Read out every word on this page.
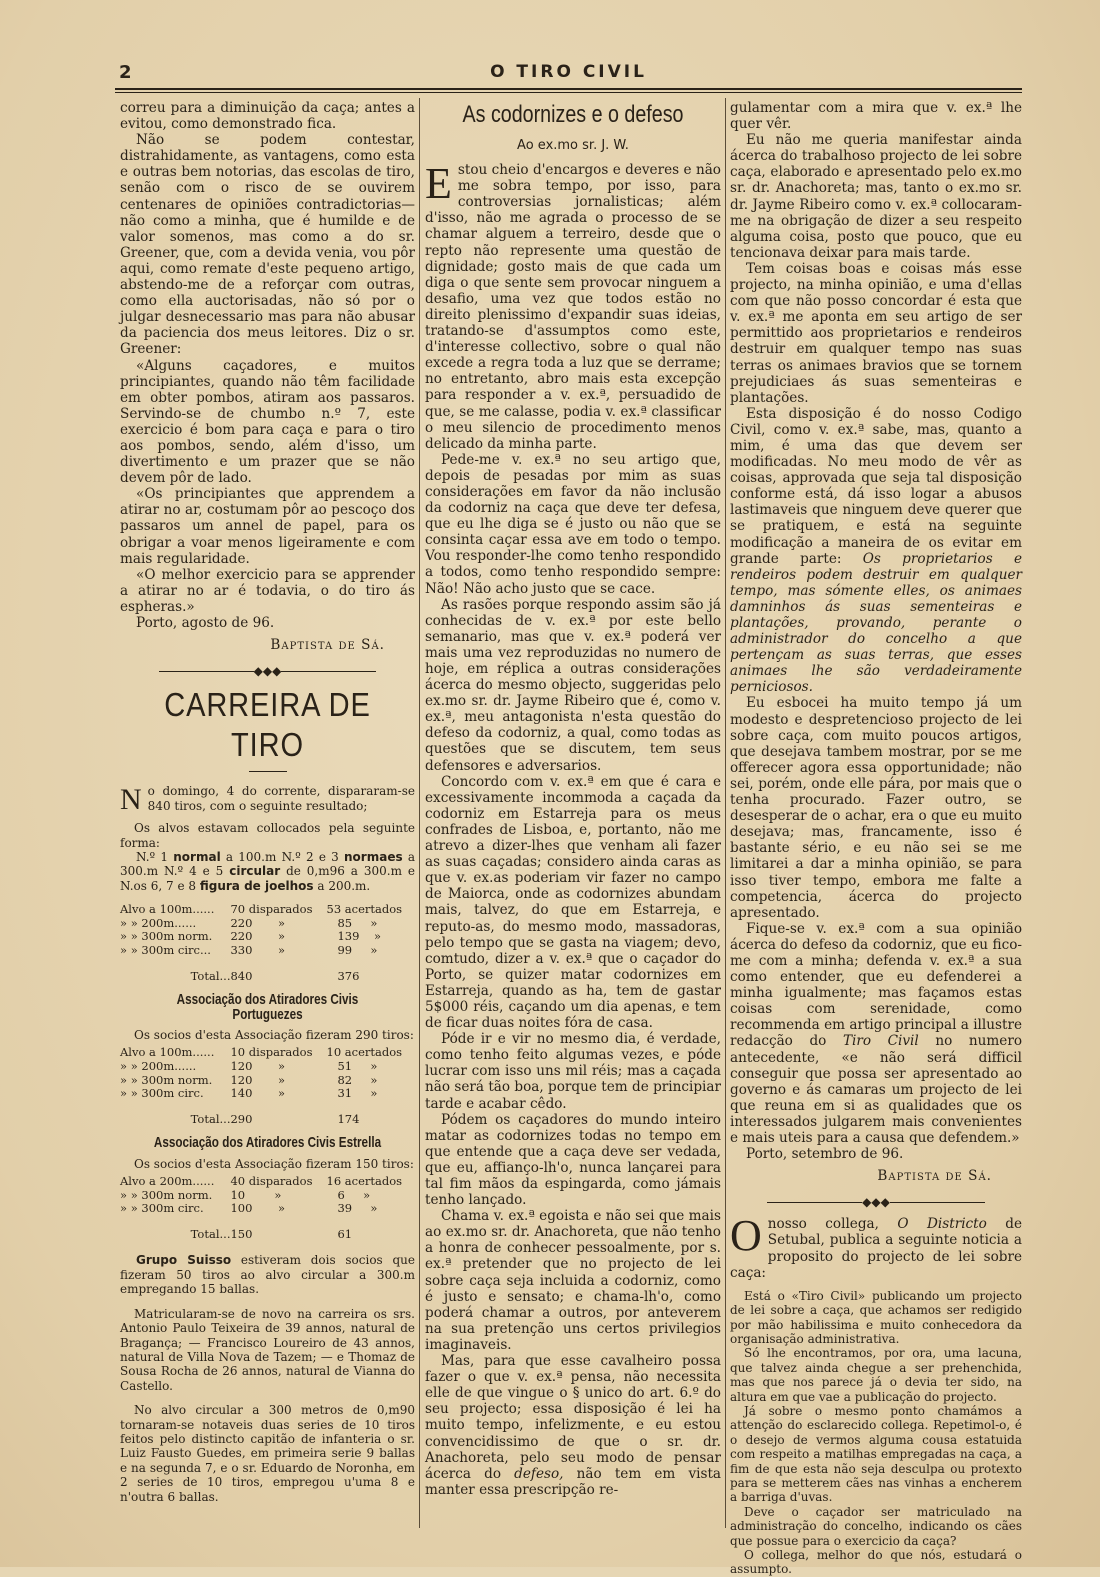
2	O TIRO CIVIL

correu para a diminuição da caça; antes a evitou, como demonstrado fica.

Não se podem contestar, distrahidamente, as vantagens, como esta e outras bem notorias, das escolas de tiro, senão com o risco de se ouvirem centenares de opiniões contradictorias—não como a minha, que é humilde e de valor somenos, mas como a do sr. Greener, que, com a devida venia, vou pôr aqui, como remate d'este pequeno artigo, abstendo-me de a reforçar com outras, como ella auctorisadas, não só por o julgar desnecessario mas para não abusar da paciencia dos meus leitores. Diz o sr. Greener:

«Alguns caçadores, e muitos principiantes, quando não têm facilidade em obter pombos, atiram aos passaros. Servindo-se de chumbo n.º 7, este exercicio é bom para caça e para o tiro aos pombos, sendo, além d'isso, um divertimento e um prazer que se não devem pôr de lado.

«Os principiantes que apprendem a atirar no ar, costumam pôr ao pescoço dos passaros um annel de papel, para os obrigar a voar menos ligeiramente e com mais regularidade.

«O melhor exercicio para se apprender a atirar no ar é todavia, o do tiro ás espheras.»

Porto, agosto de 96.

Baptista de Sá.

◆◆◆
CARREIRA DE TIRO

No domingo, 4 do corrente, dispararam-se 840 tiros, com o seguinte resultado;

Os alvos estavam collocados pela seguinte forma:

N.º 1 normal a 100.m N.º 2 e 3 normaes a 300.m N.º 4 e 5 circular de 0,m96 a 300.m e N.os 6, 7 e 8 figura de joelhos a 200.m.

Alvo a 100m......	70 disparados	53 acertados
» » 200m......	220 »	85 »
» » 300m norm.	220 »	139 »
» » 300m circ...	330 »	99 »
Total...	840	376
Associação dos Atiradores Civis Portuguezes

Os socios d'esta Associação fizeram 290 tiros:

Alvo a 100m......	10 disparados	10 acertados
» » 200m......	120 »	51 »
» » 300m norm.	120 »	82 »
» » 300m circ.	140 »	31 »
Total...	290	174
Associação dos Atiradores Civis Estrella

Os socios d'esta Associação fizeram 150 tiros:

Alvo a 200m......	40 disparados	16 acertados
» » 300m norm.	10 »	6 »
» » 300m circ.	100 »	39 »
Total...	150	61

Grupo Suisso estiveram dois socios que fizeram 50 tiros ao alvo circular a 300.m empregando 15 ballas.

Matricularam-se de novo na carreira os srs. Antonio Paulo Teixeira de 39 annos, natural de Bragança; — Francisco Loureiro de 43 annos, natural de Villa Nova de Tazem; — e Thomaz de Sousa Rocha de 26 annos, natural de Vianna do Castello.

No alvo circular a 300 metros de 0,m90 tornaram-se notaveis duas series de 10 tiros feitos pelo distincto capitão de infanteria o sr. Luiz Fausto Guedes, em primeira serie 9 ballas e na segunda 7, e o sr. Eduardo de Noronha, em 2 series de 10 tiros, empregou u'uma 8 e n'outra 6 ballas.

As codornizes e o defeso
Ao ex.mo sr. J. W.

Estou cheio d'encargos e deveres e não me sobra tempo, por isso, para controversias jornalisticas; além d'isso, não me agrada o processo de se chamar alguem a terreiro, desde que o repto não represente uma questão de dignidade; gosto mais de que cada um diga o que sente sem provocar ninguem a desafio, uma vez que todos estão no direito plenissimo d'expandir suas ideias, tratando-se d'assumptos como este, d'interesse collectivo, sobre o qual não excede a regra toda a luz que se derrame; no entretanto, abro mais esta excepção para responder a v. ex.ª, persuadido de que, se me calasse, podia v. ex.ª classificar o meu silencio de procedimento menos delicado da minha parte.

Pede-me v. ex.ª no seu artigo que, depois de pesadas por mim as suas considerações em favor da não inclusão da codorniz na caça que deve ter defesa, que eu lhe diga se é justo ou não que se consinta caçar essa ave em todo o tempo. Vou responder-lhe como tenho respondido a todos, como tenho respondido sempre: Não! Não acho justo que se cace.

As rasões porque respondo assim são já conhecidas de v. ex.ª por este bello semanario, mas que v. ex.ª poderá ver mais uma vez reproduzidas no numero de hoje, em réplica a outras considerações ácerca do mesmo objecto, suggeridas pelo ex.mo sr. dr. Jayme Ribeiro que é, como v. ex.ª, meu antagonista n'esta questão do defeso da codorniz, a qual, como todas as questões que se discutem, tem seus defensores e adversarios.

Concordo com v. ex.ª em que é cara e excessivamente incommoda a caçada da codorniz em Estarreja para os meus confrades de Lisboa, e, portanto, não me atrevo a dizer-lhes que venham ali fazer as suas caçadas; considero ainda caras as que v. ex.as poderiam vir fazer no campo de Maiorca, onde as codornizes abundam mais, talvez, do que em Estarreja, e reputo-as, do mesmo modo, massadoras, pelo tempo que se gasta na viagem; devo, comtudo, dizer a v. ex.ª que o caçador do Porto, se quizer matar codornizes em Estarreja, quando as ha, tem de gastar 5$000 réis, caçando um dia apenas, e tem de ficar duas noites fóra de casa.

Póde ir e vir no mesmo dia, é verdade, como tenho feito algumas vezes, e póde lucrar com isso uns mil réis; mas a caçada não será tão boa, porque tem de principiar tarde e acabar cêdo.

Pódem os caçadores do mundo inteiro matar as codornizes todas no tempo em que entende que a caça deve ser vedada, que eu, affianço-lh'o, nunca lançarei para tal fim mãos da espingarda, como jámais tenho lançado.

Chama v. ex.ª egoista e não sei que mais ao ex.mo sr. dr. Anachoreta, que não tenho a honra de conhecer pessoalmente, por s. ex.ª pretender que no projecto de lei sobre caça seja incluida a codorniz, como é justo e sensato; e chama-lh'o, como poderá chamar a outros, por anteverem na sua pretenção uns certos privilegios imaginaveis.

Mas, para que esse cavalheiro possa fazer o que v. ex.ª pensa, não necessita elle de que vingue o § unico do art. 6.º do seu projecto; essa disposição é lei ha muito tempo, infelizmente, e eu estou convencidissimo de que o sr. dr. Anachoreta, pelo seu modo de pensar ácerca do defeso, não tem em vista manter essa prescripção re-

gulamentar com a mira que v. ex.ª lhe quer vêr.

Eu não me queria manifestar ainda ácerca do trabalhoso projecto de lei sobre caça, elaborado e apresentado pelo ex.mo sr. dr. Anachoreta; mas, tanto o ex.mo sr. dr. Jayme Ribeiro como v. ex.ª collocaram-me na obrigação de dizer a seu respeito alguma coisa, posto que pouco, que eu tencionava deixar para mais tarde.

Tem coisas boas e coisas más esse projecto, na minha opinião, e uma d'ellas com que não posso concordar é esta que v. ex.ª me aponta em seu artigo de ser permittido aos proprietarios e rendeiros destruir em qualquer tempo nas suas terras os animaes bravios que se tornem prejudiciaes ás suas sementeiras e plantações.

Esta disposição é do nosso Codigo Civil, como v. ex.ª sabe, mas, quanto a mim, é uma das que devem ser modificadas. No meu modo de vêr as coisas, approvada que seja tal disposição conforme está, dá isso logar a abusos lastimaveis que ninguem deve querer que se pratiquem, e está na seguinte modificação a maneira de os evitar em grande parte: Os proprietarios e rendeiros podem destruir em qualquer tempo, mas sómente elles, os animaes damninhos ás suas sementeiras e plantações, provando, perante o administrador do concelho a que pertençam as suas terras, que esses animaes lhe são verdadeiramente perniciosos.

Eu esbocei ha muito tempo já um modesto e despretencioso projecto de lei sobre caça, com muito poucos artigos, que desejava tambem mostrar, por se me offerecer agora essa opportunidade; não sei, porém, onde elle pára, por mais que o tenha procurado. Fazer outro, se desesperar de o achar, era o que eu muito desejava; mas, francamente, isso é bastante sério, e eu não sei se me limitarei a dar a minha opinião, se para isso tiver tempo, embora me falte a competencia, ácerca do projecto apresentado.

Fique-se v. ex.ª com a sua opinião ácerca do defeso da codorniz, que eu fico-me com a minha; defenda v. ex.ª a sua como entender, que eu defenderei a minha igualmente; mas façamos estas coisas com serenidade, como recommenda em artigo principal a illustre redacção do Tiro Civil no numero antecedente, «e não será difficil conseguir que possa ser apresentado ao governo e ás camaras um projecto de lei que reuna em si as qualidades que os interessados julgarem mais convenientes e mais uteis para a causa que defendem.»

Porto, setembro de 96.

Baptista de Sá.

◆◆◆

Onosso collega, O Districto de Setubal, publica a seguinte noticia a proposito do projecto de lei sobre caça:

Está o «Tiro Civil» publicando um projecto de lei sobre a caça, que achamos ser redigido por mão habilissima e muito conhecedora da organisação administrativa.

Só lhe encontramos, por ora, uma lacuna, que talvez ainda chegue a ser prehenchida, mas que nos parece já o devia ter sido, na altura em que vae a publicação do projecto.

Já sobre o mesmo ponto chamámos a attenção do esclarecido collega. Repetimol-o, é o desejo de vermos alguma cousa estatuida com respeito a matilhas empregadas na caça, a fim de que esta não seja desculpa ou protexto para se metterem cães nas vinhas a encherem a barriga d'uvas.

Deve o caçador ser matriculado na administração do concelho, indicando os cães que possue para o exercicio da caça?

O collega, melhor do que nós, estudará o assumpto.
